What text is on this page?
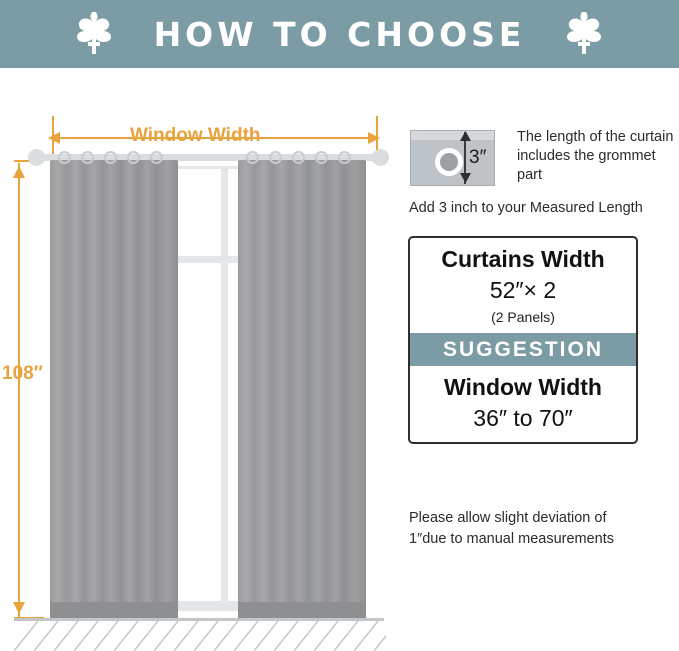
HOW TO CHOOSE
Window Width
108″
3″
The length of the curtain includes the grommet part
Add 3 inch to your Measured Length
Curtains Width
52″× 2
(2 Panels)
SUGGESTION
Window Width
36″ to 70″
Please allow slight deviation of
1″due to manual measurements
